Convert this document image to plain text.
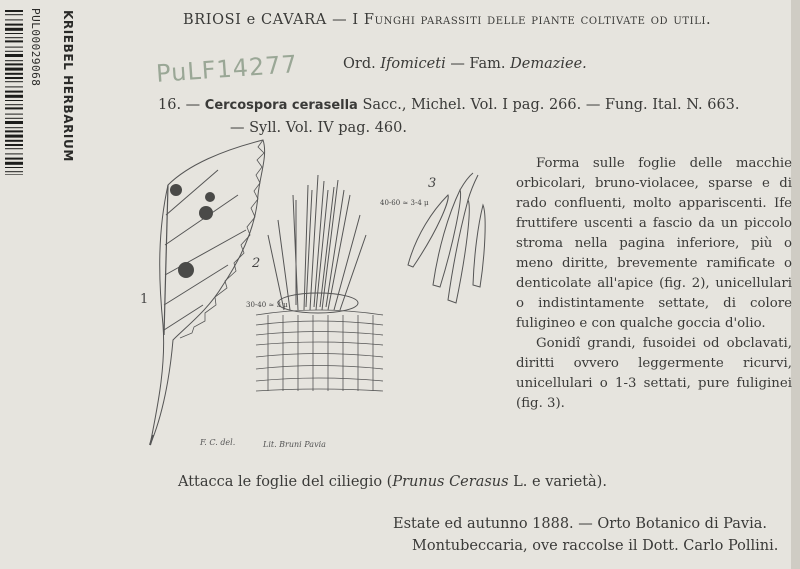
PUL00029068	KRIEBEL HERBARIUM	PuLF14277
BRIOSI e CAVARA — I Funghi parassiti delle piante coltivate od utili.
Ord. Ifomiceti — Fam. Demaziee.
16. — Cercospora cerasella Sacc., Michel. Vol. I pag. 266. — Fung. Ital. N. 663.
— Syll. Vol. IV pag. 460.
1	30-40 ≈ 3 μ
2
3
40-60 ≈ 3-4 μ
F. C. del.	Lit. Bruni Pavia

Forma sulle foglie delle macchie orbicolari, bruno-violacee, sparse e di rado confluenti, molto appariscenti. Ife fruttifere uscenti a fascio da un piccolo stroma nella pagina inferiore, più o meno diritte, brevemente ramificate o denticolate all'apice (fig. 2), unicellulari o indistintamente settate, di colore fuligineo e con qualche goccia d'olio.

Gonidî grandi, fusoidei od obclavati, diritti ovvero leggermente ricurvi, unicellulari o 1-3 settati, pure fuliginei (fig. 3).

Attacca le foglie del ciliegio (Prunus Cerasus L. e varietà).
Estate ed autunno 1888. — Orto Botanico di Pavia.
Montubeccaria, ove raccolse il Dott. Carlo Pollini.
